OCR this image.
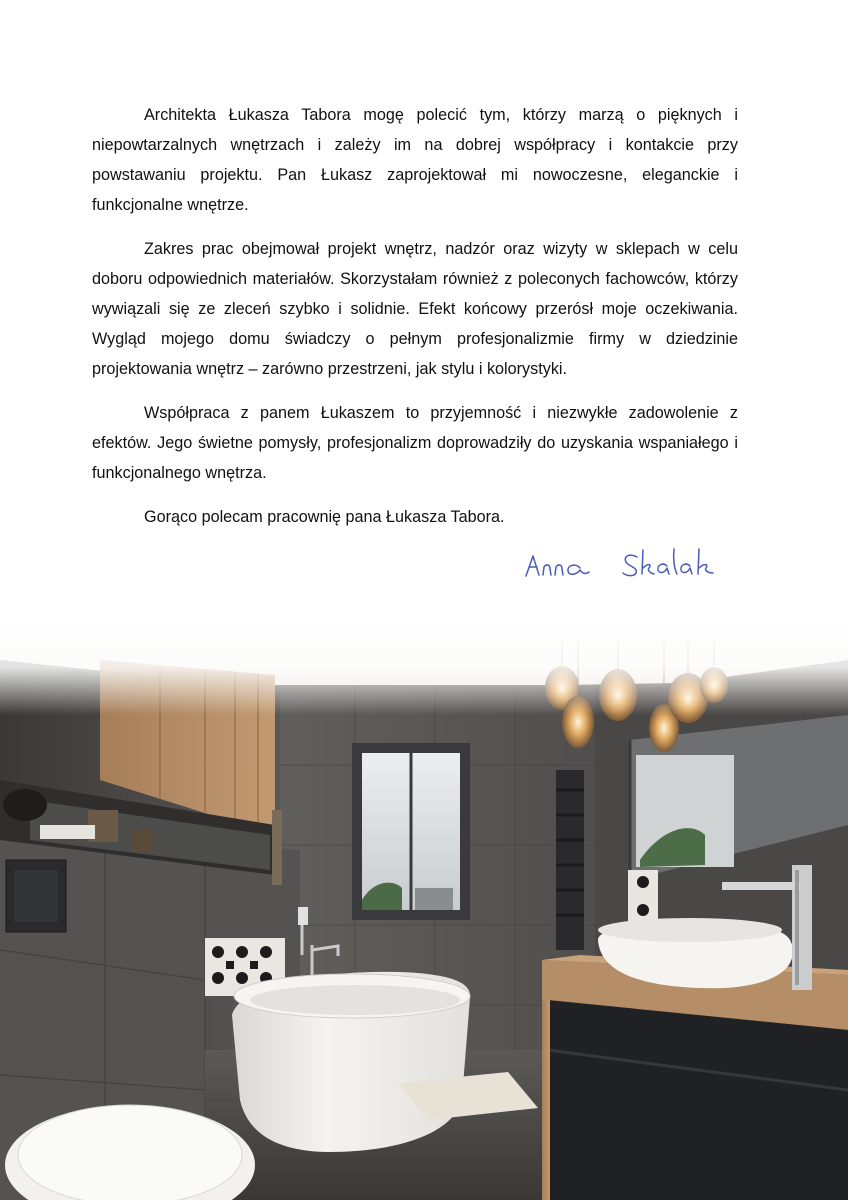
Architekta Łukasza Tabora mogę polecić tym, którzy marzą o pięknych i niepowtarzalnych wnętrzach i zależy im na dobrej współpracy i kontakcie przy powstawaniu projektu. Pan Łukasz zaprojektował mi nowoczesne, eleganckie i funkcjonalne wnętrze.

Zakres prac obejmował projekt wnętrz, nadzór oraz wizyty w sklepach w celu doboru odpowiednich materiałów. Skorzystałam również z poleconych fachowców, którzy wywiązali się ze zleceń szybko i solidnie. Efekt końcowy przerósł moje oczekiwania. Wygląd mojego domu świadczy o pełnym profesjonalizmie firmy w dziedzinie projektowania wnętrz – zarówno przestrzeni, jak stylu i kolorystyki.

Współpraca z panem Łukaszem to przyjemność i niezwykłe zadowolenie z efektów. Jego świetne pomysły, profesjonalizm doprowadziły do uzyskania wspaniałego i funkcjonalnego wnętrza.

Gorąco polecam pracownię pana Łukasza Tabora.
